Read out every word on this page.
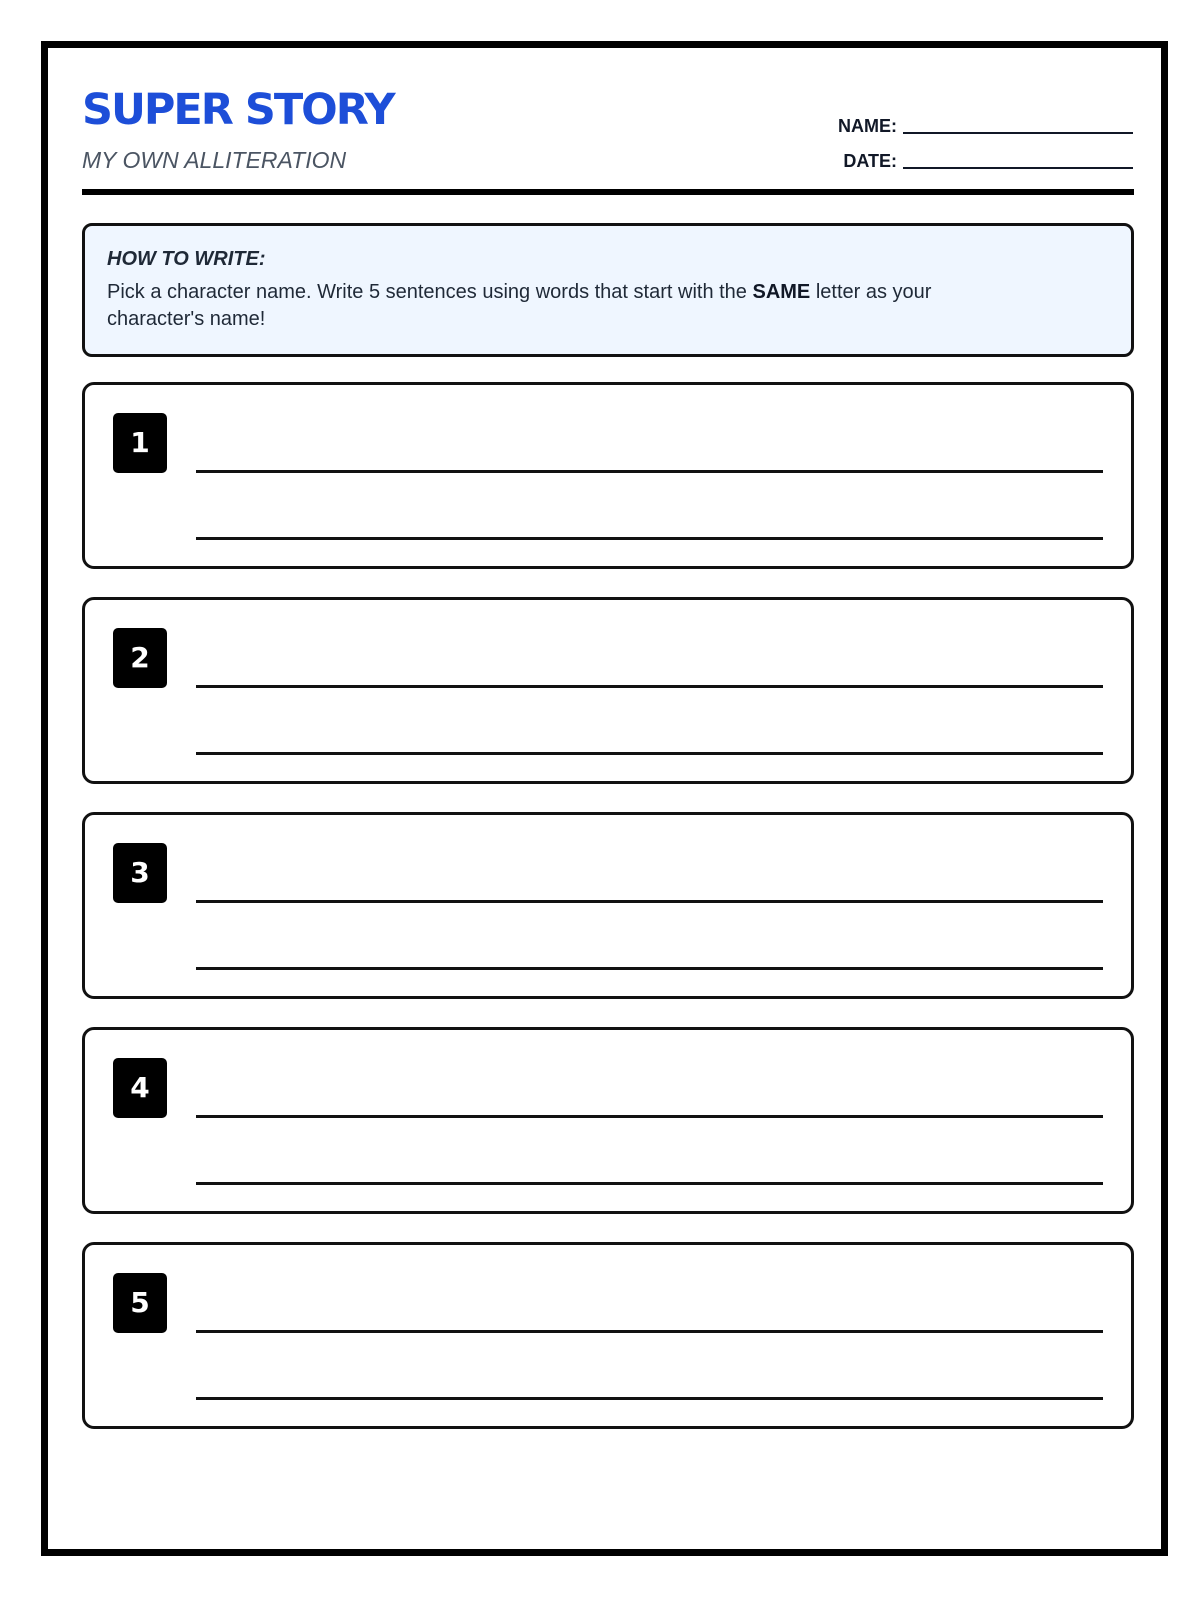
SUPER STORY
MY OWN ALLITERATION
NAME:
DATE:
HOW TO WRITE:
Pick a character name. Write 5 sentences using words that start with the SAME letter as your character's name!
1
2
3
4
5
